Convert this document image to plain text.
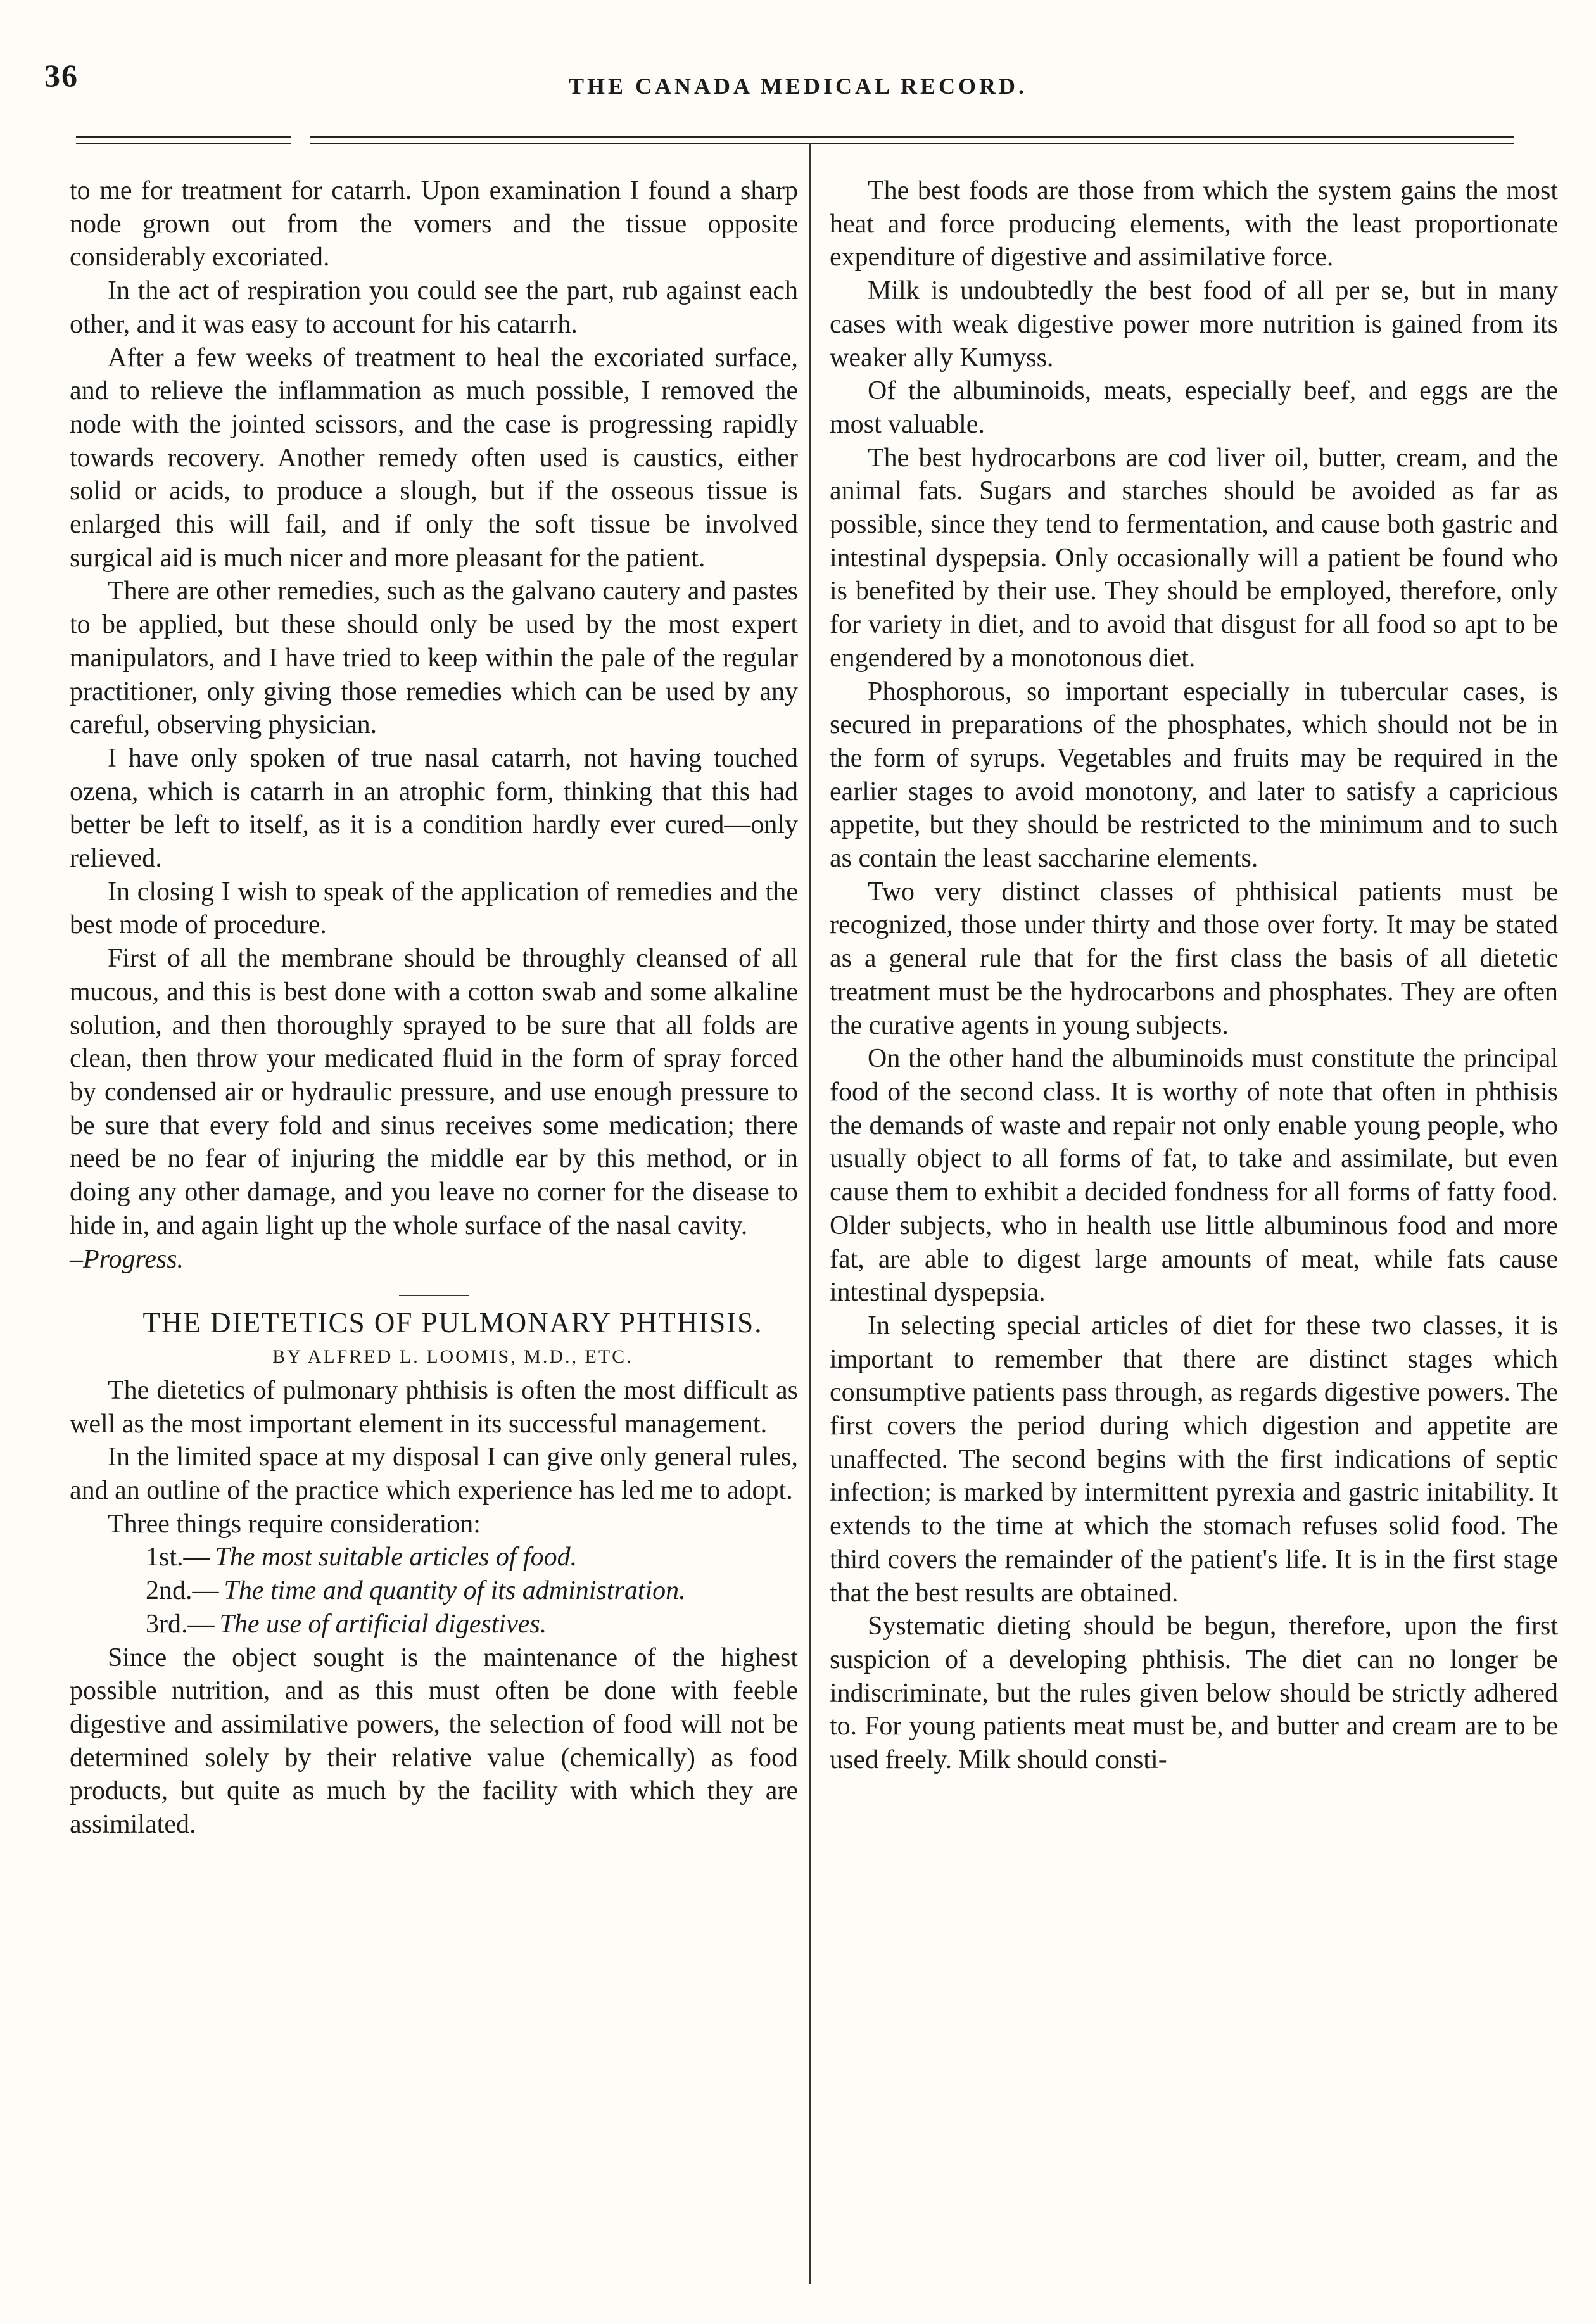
36	THE CANADA MEDICAL RECORD.

to me for treatment for catarrh. Upon examination I found a sharp node grown out from the vomers and the tissue opposite considerably excoriated.

In the act of respiration you could see the part, rub against each other, and it was easy to account for his catarrh.

After a few weeks of treatment to heal the excoriated surface, and to relieve the inflammation as much possible, I removed the node with the jointed scissors, and the case is progressing rapidly towards recovery. Another remedy often used is caustics, either solid or acids, to produce a slough, but if the osseous tissue is enlarged this will fail, and if only the soft tissue be involved surgical aid is much nicer and more pleasant for the patient.

There are other remedies, such as the galvano cautery and pastes to be applied, but these should only be used by the most expert manipulators, and I have tried to keep within the pale of the regular practitioner, only giving those remedies which can be used by any careful, observing physician.

I have only spoken of true nasal catarrh, not having touched ozena, which is catarrh in an atrophic form, thinking that this had better be left to itself, as it is a condition hardly ever cured—only relieved.

In closing I wish to speak of the application of remedies and the best mode of procedure.

First of all the membrane should be throughly cleansed of all mucous, and this is best done with a cotton swab and some alkaline solution, and then thoroughly sprayed to be sure that all folds are clean, then throw your medicated fluid in the form of spray forced by condensed air or hydraulic pressure, and use enough pressure to be sure that every fold and sinus receives some medication; there need be no fear of injuring the middle ear by this method, or in doing any other damage, and you leave no corner for the disease to hide in, and again light up the whole surface of the nasal cavity.

–Progress.

THE DIETETICS OF PULMONARY PHTHISIS.

BY ALFRED L. LOOMIS, M.D., ETC.

The dietetics of pulmonary phthisis is often the most difficult as well as the most important element in its successful management.

In the limited space at my disposal I can give only general rules, and an outline of the practice which experience has led me to adopt.

Three things require consideration:

1st.— The most suitable articles of food.

2nd.— The time and quantity of its administration.

3rd.— The use of artificial digestives.

Since the object sought is the maintenance of the highest possible nutrition, and as this must often be done with feeble digestive and assimilative powers, the selection of food will not be determined solely by their relative value (chemically) as food products, but quite as much by the facility with which they are assimilated.

The best foods are those from which the system gains the most heat and force producing elements, with the least proportionate expenditure of digestive and assimilative force.

Milk is undoubtedly the best food of all per se, but in many cases with weak digestive power more nutrition is gained from its weaker ally Kumyss.

Of the albuminoids, meats, especially beef, and eggs are the most valuable.

The best hydrocarbons are cod liver oil, butter, cream, and the animal fats. Sugars and starches should be avoided as far as possible, since they tend to fermentation, and cause both gastric and intestinal dyspepsia. Only occasionally will a patient be found who is benefited by their use. They should be employed, therefore, only for variety in diet, and to avoid that disgust for all food so apt to be engendered by a monotonous diet.

Phosphorous, so important especially in tubercular cases, is secured in preparations of the phosphates, which should not be in the form of syrups. Vegetables and fruits may be required in the earlier stages to avoid monotony, and later to satisfy a capricious appetite, but they should be restricted to the minimum and to such as contain the least saccharine elements.

Two very distinct classes of phthisical patients must be recognized, those under thirty and those over forty. It may be stated as a general rule that for the first class the basis of all dietetic treatment must be the hydrocarbons and phosphates. They are often the curative agents in young subjects.

On the other hand the albuminoids must constitute the principal food of the second class. It is worthy of note that often in phthisis the demands of waste and repair not only enable young people, who usually object to all forms of fat, to take and assimilate, but even cause them to exhibit a decided fondness for all forms of fatty food. Older subjects, who in health use little albuminous food and more fat, are able to digest large amounts of meat, while fats cause intestinal dyspepsia.

In selecting special articles of diet for these two classes, it is important to remember that there are distinct stages which consumptive patients pass through, as regards digestive powers. The first covers the period during which digestion and appetite are unaffected. The second begins with the first indications of septic infection; is marked by intermittent pyrexia and gastric initability. It extends to the time at which the stomach refuses solid food. The third covers the remainder of the patient's life. It is in the first stage that the best results are obtained.

Systematic dieting should be begun, therefore, upon the first suspicion of a developing phthisis. The diet can no longer be indiscriminate, but the rules given below should be strictly adhered to. For young patients meat must be, and butter and cream are to be used freely. Milk should consti-
